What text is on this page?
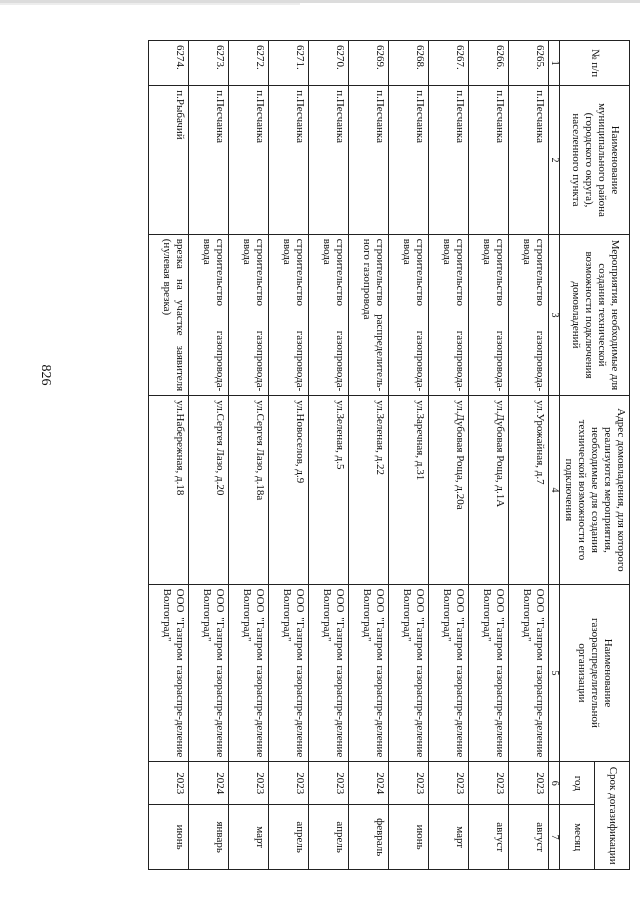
826
№ п/п	Наименование муниципального района (городского округа), населенного пункта	Мероприятия, необходимые для создания технической возможности подключения домовладений	Адрес домовладения, для которого реализуются мероприятия, необходимые для создания технической возможности его подключения	Наименование газораспределительной организации	Срок догазификации	
					год	месяц
1	2	3	4	5	6	7
6265.	п.Песчанка	строительство газопровода-ввода	ул.Урожайная, д.7	ООО "Газпром газораспре-деление Волгоград"	2023	август
6266.	п.Песчанка	строительство газопровода-ввода	ул.Дубовая Роща, д.1А	ООО "Газпром газораспре-деление Волгоград"	2023	август
6267.	п.Песчанка	строительство газопровода-ввода	ул.Дубовая Роща, д.20а	ООО "Газпром газораспре-деление Волгоград"	2023	март
6268.	п.Песчанка	строительство газопровода-ввода	ул.Заречная, д.31	ООО "Газпром газораспре-деление Волгоград"	2023	июнь
6269.	п.Песчанка	строительство распределитель-ного газопровода	ул.Зеленая, д.22	ООО "Газпром газораспре-деление Волгоград"	2024	февраль
6270.	п.Песчанка	строительство газопровода-ввода	ул.Зеленая, д.5	ООО "Газпром газораспре-деление Волгоград"	2023	апрель
6271.	п.Песчанка	строительство газопровода-ввода	ул.Новоселов, д.9	ООО "Газпром газораспре-деление Волгоград"	2023	апрель
6272.	п.Песчанка	строительство газопровода-ввода	ул.Сергея Лазо, д.18а	ООО "Газпром газораспре-деление Волгоград"	2023	март
6273.	п.Песчанка	строительство газопровода-ввода	ул.Сергея Лазо, д.20	ООО "Газпром газораспре-деление Волгоград"	2024	январь
6274.	п.Рыбачий	врезка на участке заявителя (нулевая врезка)	ул.Набережная, д.18	ООО "Газпром газораспре-деление Волгоград"	2023	июнь
